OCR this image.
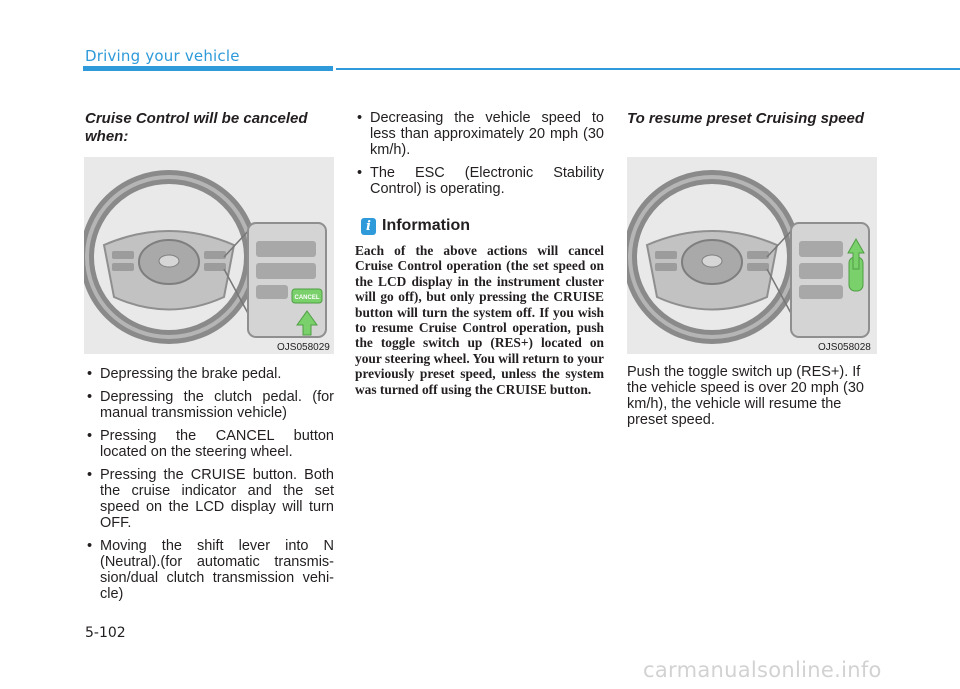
Driving your vehicle
Cruise Control will be canceled when:
CANCEL
OJS058029
• Depressing the brake pedal.
• Depressing the clutch pedal. (for manual transmission vehicle)
• Pressing the CANCEL button located on the steering wheel.
• Pressing the CRUISE button. Both the cruise indicator and the set speed on the LCD display will turn OFF.
• Moving the shift lever into N (Neutral).(for automatic transmis-sion/dual clutch transmission vehi-cle)
• Decreasing the vehicle speed to less than approximately 20 mph (30 km/h).
• The ESC (Electronic Stability Control) is operating.
i Information

Each of the above actions will cancel Cruise Control operation (the set speed on the LCD display in the instrument cluster will go off), but only pressing the CRUISE button will turn the system off. If you wish to resume Cruise Control operation, push the toggle switch up (RES+) located on your steering wheel. You will return to your previously preset speed, unless the system was turned off using the CRUISE button.

To resume preset Cruising speed
OJS058028

Push the toggle switch up (RES+). If the vehicle speed is over 20 mph (30 km/h), the vehicle will resume the preset speed.

5-102
carmanualsonline.info
